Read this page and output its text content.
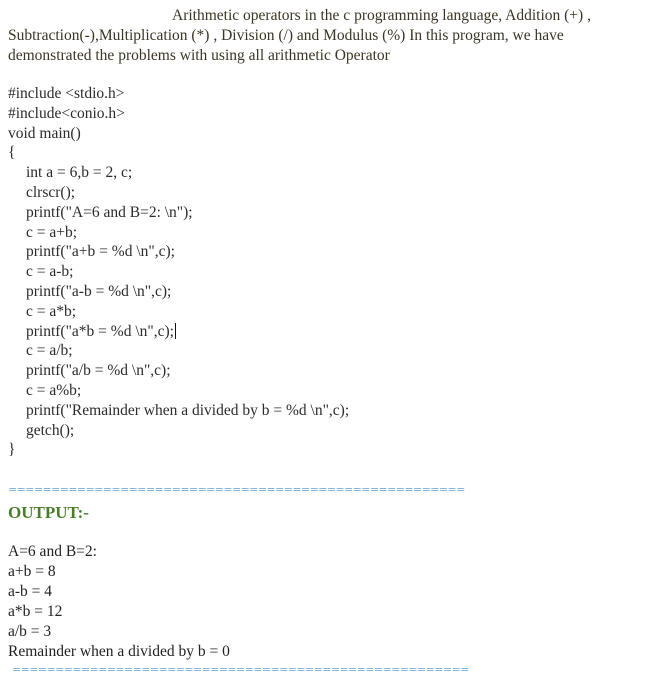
Arithmetic operators in the c programming language, Addition (+) ,
Subtraction(-),Multiplication (*) , Division (/) and Modulus (%) In this program, we have
demonstrated the problems with using all arithmetic Operator
#include <stdio.h>
#include<conio.h>
void main()
{
int a = 6,b = 2, c;
clrscr();
printf("A=6 and B=2: \n");
c = a+b;
printf("a+b = %d \n",c);
c = a-b;
printf("a-b = %d \n",c);
c = a*b;
printf("a*b = %d \n",c);
c = a/b;
printf("a/b = %d \n",c);
c = a%b;
printf("Remainder when a divided by b = %d \n",c);
getch();
}
=====================================================
OUTPUT:-
A=6 and B=2:
a+b = 8
a-b = 4
a*b = 12
a/b = 3
Remainder when a divided by b = 0
=====================================================
